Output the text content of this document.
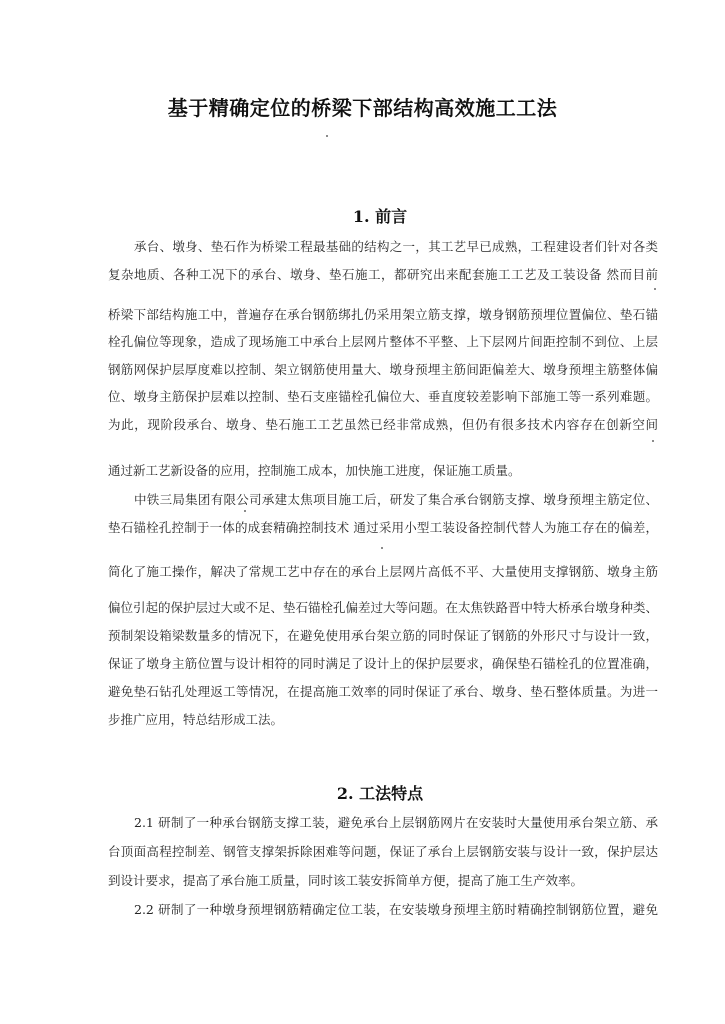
基于精确定位的桥梁下部结构高效施工工法
1. 前言
承台、墩身、垫石作为桥梁工程最基础的结构之一，其工艺早已成熟，工程建设者们针对各类
复杂地质、各种工况下的承台、墩身、垫石施工，都研究出来配套施工工艺及工装设备 然而目前
桥梁下部结构施工中，普遍存在承台钢筋绑扎仍采用架立筋支撑，墩身钢筋预埋位置偏位、垫石锚
栓孔偏位等现象，造成了现场施工中承台上层网片整体不平整、上下层网片间距控制不到位、上层
钢筋网保护层厚度难以控制、架立钢筋使用量大、墩身预埋主筋间距偏差大、墩身预埋主筋整体偏
位、墩身主筋保护层难以控制、垫石支座锚栓孔偏位大、垂直度较差影响下部施工等一系列难题。
为此，现阶段承台、墩身、垫石施工工艺虽然已经非常成熟，但仍有很多技术内容存在创新空间
通过新工艺新设备的应用，控制施工成本，加快施工进度，保证施工质量。
中铁三局集团有限公司承建太焦项目施工后，研发了集合承台钢筋支撑、墩身预埋主筋定位、
垫石锚栓孔控制于一体的成套精确控制技术 通过采用小型工装设备控制代替人为施工存在的偏差，
简化了施工操作，解决了常规工艺中存在的承台上层网片高低不平、大量使用支撑钢筋、墩身主筋
偏位引起的保护层过大或不足、垫石锚栓孔偏差过大等问题。在太焦铁路晋中特大桥承台墩身种类、
预制架设箱梁数量多的情况下，在避免使用承台架立筋的同时保证了钢筋的外形尺寸与设计一致，
保证了墩身主筋位置与设计相符的同时满足了设计上的保护层要求，确保垫石锚栓孔的位置准确，
避免垫石钻孔处理返工等情况，在提高施工效率的同时保证了承台、墩身、垫石整体质量。为进一
步推广应用，特总结形成工法。
2. 工法特点
2.1 研制了一种承台钢筋支撑工装，避免承台上层钢筋网片在安装时大量使用承台架立筋、承
台顶面高程控制差、钢管支撑架拆除困难等问题，保证了承台上层钢筋安装与设计一致，保护层达
到设计要求，提高了承台施工质量，同时该工装安拆简单方便，提高了施工生产效率。
2.2 研制了一种墩身预埋钢筋精确定位工装，在安装墩身预埋主筋时精确控制钢筋位置，避免
